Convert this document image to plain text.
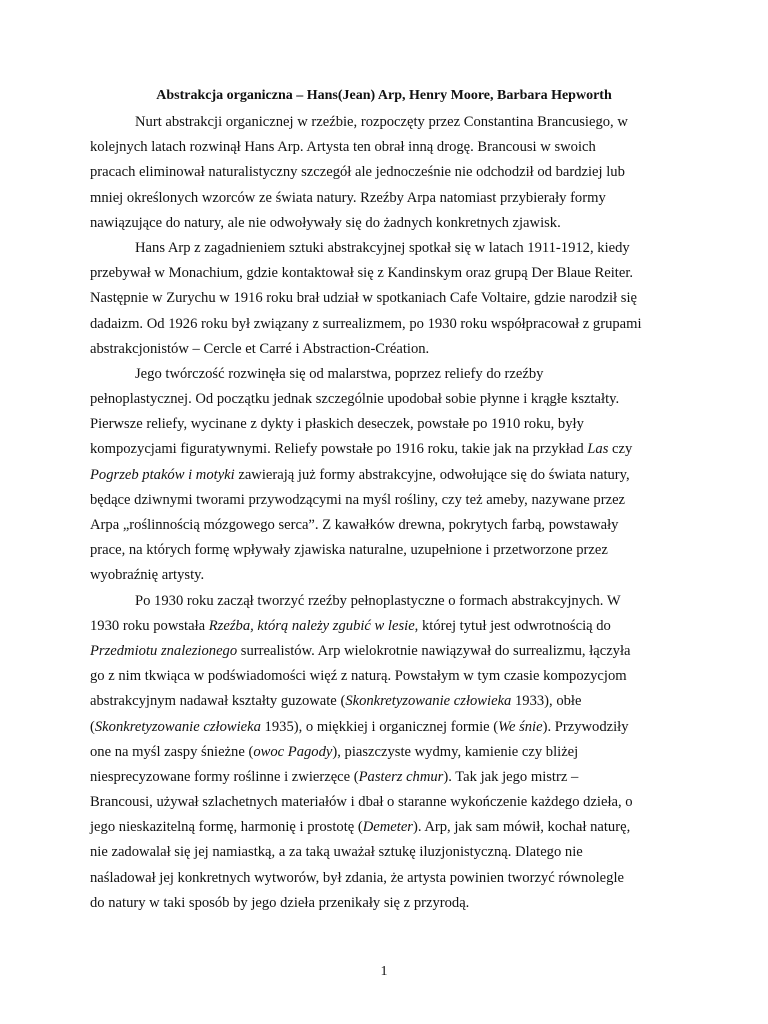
Abstrakcja organiczna – Hans(Jean) Arp, Henry Moore, Barbara Hepworth
Nurt abstrakcji organicznej w rzeźbie, rozpoczęty przez Constantina Brancusiego, w
kolejnych latach rozwinął Hans Arp. Artysta ten obrał inną drogę. Brancousi w swoich
pracach eliminował naturalistyczny szczegół ale jednocześnie nie odchodził od bardziej lub
mniej określonych wzorców ze świata natury. Rzeźby Arpa natomiast przybierały formy
nawiązujące do natury, ale nie odwoływały się do żadnych konkretnych zjawisk.
Hans Arp z zagadnieniem sztuki abstrakcyjnej spotkał się w latach 1911-1912, kiedy
przebywał w Monachium, gdzie kontaktował się z Kandinskym oraz grupą Der Blaue Reiter.
Następnie w Zurychu w 1916 roku brał udział w spotkaniach Cafe Voltaire, gdzie narodził się
dadaizm. Od 1926 roku był związany z surrealizmem, po 1930 roku współpracował z grupami
abstrakcjonistów – Cercle et Carré i Abstraction-Création.
Jego twórczość rozwinęła się od malarstwa, poprzez reliefy do rzeźby
pełnoplastycznej. Od początku jednak szczególnie upodobał sobie płynne i krągłe kształty.
Pierwsze reliefy, wycinane z dykty i płaskich deseczek, powstałe po 1910 roku, były
kompozycjami figuratywnymi. Reliefy powstałe po 1916 roku, takie jak na przykład Las czy
Pogrzeb ptaków i motyki zawierają już formy abstrakcyjne, odwołujące się do świata natury,
będące dziwnymi tworami przywodzącymi na myśl rośliny, czy też ameby, nazywane przez
Arpa „roślinnością mózgowego serca”. Z kawałków drewna, pokrytych farbą, powstawały
prace, na których formę wpływały zjawiska naturalne, uzupełnione i przetworzone przez
wyobraźnię artysty.
Po 1930 roku zaczął tworzyć rzeźby pełnoplastyczne o formach abstrakcyjnych. W
1930 roku powstała Rzeźba, którą należy zgubić w lesie, której tytuł jest odwrotnością do
Przedmiotu znalezionego surrealistów. Arp wielokrotnie nawiązywał do surrealizmu, łączyła
go z nim tkwiąca w podświadomości więź z naturą. Powstałym w tym czasie kompozycjom
abstrakcyjnym nadawał kształty guzowate (Skonkretyzowanie człowieka 1933), obłe
(Skonkretyzowanie człowieka 1935), o miękkiej i organicznej formie (We śnie). Przywodziły
one na myśl zaspy śnieżne (owoc Pagody), piaszczyste wydmy, kamienie czy bliżej
niesprecyzowane formy roślinne i zwierzęce (Pasterz chmur). Tak jak jego mistrz –
Brancousi, używał szlachetnych materiałów i dbał o staranne wykończenie każdego dzieła, o
jego nieskazitelną formę, harmonię i prostotę (Demeter). Arp, jak sam mówił, kochał naturę,
nie zadowalał się jej namiastką, a za taką uważał sztukę iluzjonistyczną. Dlatego nie
naśladował jej konkretnych wytworów, był zdania, że artysta powinien tworzyć równolegle
do natury w taki sposób by jego dzieła przenikały się z przyrodą.
1
